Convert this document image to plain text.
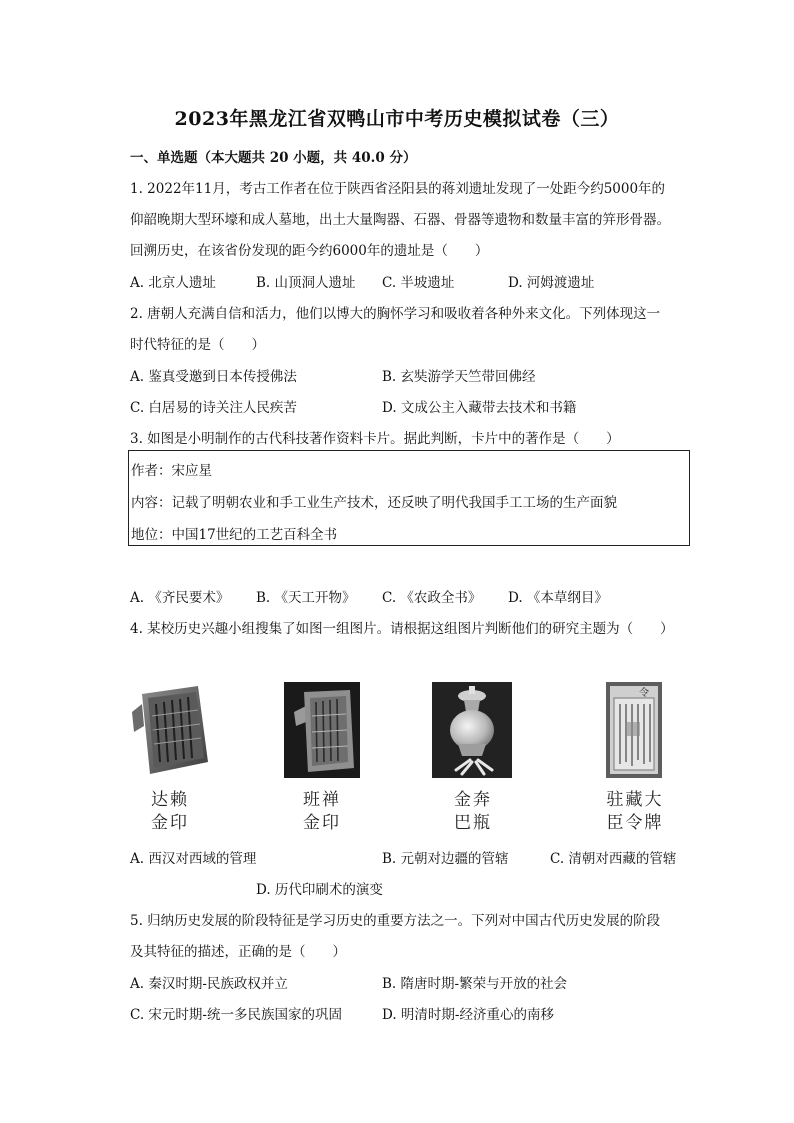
2023年黑龙江省双鸭山市中考历史模拟试卷（三）
一、单选题（本大题共 20 小题，共 40.0 分）
1. 2022年11月，考古工作者在位于陕西省泾阳县的蒋刘遗址发现了一处距今约5000年的
仰韶晚期大型环壕和成人墓地，出土大量陶器、石器、骨器等遗物和数量丰富的笄形骨器。
回溯历史，在该省份发现的距今约6000年的遗址是（　　）
A. 北京人遗址	B. 山顶洞人遗址 C. 半坡遗址	D. 河姆渡遗址
2. 唐朝人充满自信和活力，他们以博大的胸怀学习和吸收着各种外来文化。下列体现这一
时代特征的是（　　）
A. 鉴真受邀到日本传授佛法	B. 玄奘游学天竺带回佛经
C. 白居易的诗关注人民疾苦	D. 文成公主入藏带去技术和书籍
3. 如图是小明制作的古代科技著作资料卡片。据此判断，卡片中的著作是（　　）
作者：宋应星
内容：记载了明朝农业和手工业生产技术，还反映了明代我国手工工场的生产面貌
地位：中国17世纪的工艺百科全书
A. 《齐民要术》 B. 《天工开物》 C. 《农政全书》 D. 《本草纲目》
4. 某校历史兴趣小组搜集了如图一组图片。请根据这组图片判断他们的研究主题为（　　）
令
达赖
金印
班禅
金印
金奔
巴瓶
驻藏大
臣令牌
A. 西汉对西域的管理	B. 元朝对边疆的管辖	C. 清朝对西藏的管辖
D. 历代印刷术的演变
5. 归纳历史发展的阶段特征是学习历史的重要方法之一。下列对中国古代历史发展的阶段
及其特征的描述，正确的是（　　）
A. 秦汉时期-民族政权并立	B. 隋唐时期-繁荣与开放的社会
C. 宋元时期-统一多民族国家的巩固	D. 明清时期-经济重心的南移
